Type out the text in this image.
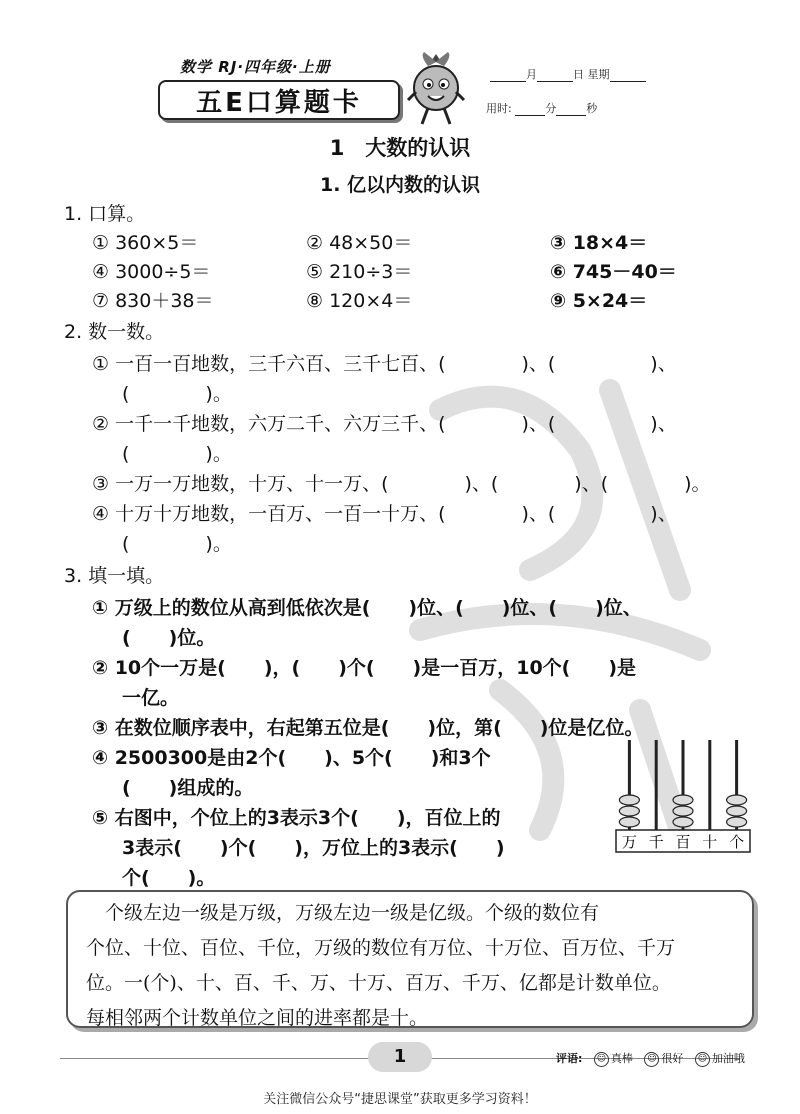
数学 RJ·四年级·上册
五E口算题卡
月	日 星期
用时:	分	秒
1　大数的认识
1. 亿以内数的认识
1. 口算。
① 360×5＝	② 48×50＝	③ 18×4＝
④ 3000÷5＝	⑤ 210÷3＝	⑥ 745－40＝
⑦ 830＋38＝	⑧ 120×4＝	⑨ 5×24＝
2. 数一数。
① 一百一百地数，三千六百、三千七百、(　　　　)、(　　　　　)、
(　　　　)。
② 一千一千地数，六万二千、六万三千、(　　　　)、(　　　　　)、
(　　　　)。
③ 一万一万地数，十万、十一万、(　　　　)、(　　　　)、(　　　　)。
④ 十万十万地数，一百万、一百一十万、(　　　　)、(　　　　　)、
(　　　　)。
3. 填一填。
① 万级上的数位从高到低依次是(　　)位、(　　)位、(　　)位、
(　　)位。
② 10个一万是(　　)，(　　)个(　　)是一百万，10个(　　)是
一亿。
③ 在数位顺序表中，右起第五位是(　　)位，第(　　)位是亿位。
④ 2500300是由2个(　　)、5个(　　)和3个
(　　)组成的。
⑤ 右图中，个位上的3表示3个(　　)，百位上的
3表示(　　)个(　　)，万位上的3表示(　　)
个(　　)。
万 千 百 十 个
　个级左边一级是万级，万级左边一级是亿级。个级的数位有
个位、十位、百位、千位，万级的数位有万位、十万位、百万位、千万
位。一(个)、十、百、千、万、十万、百万、千万、亿都是计数单位。
每相邻两个计数单位之间的进率都是十。
1	评语: ☺ 真棒 ☺ 很好 ☺ 加油哦
关注微信公众号“捷思课堂”获取更多学习资料！
